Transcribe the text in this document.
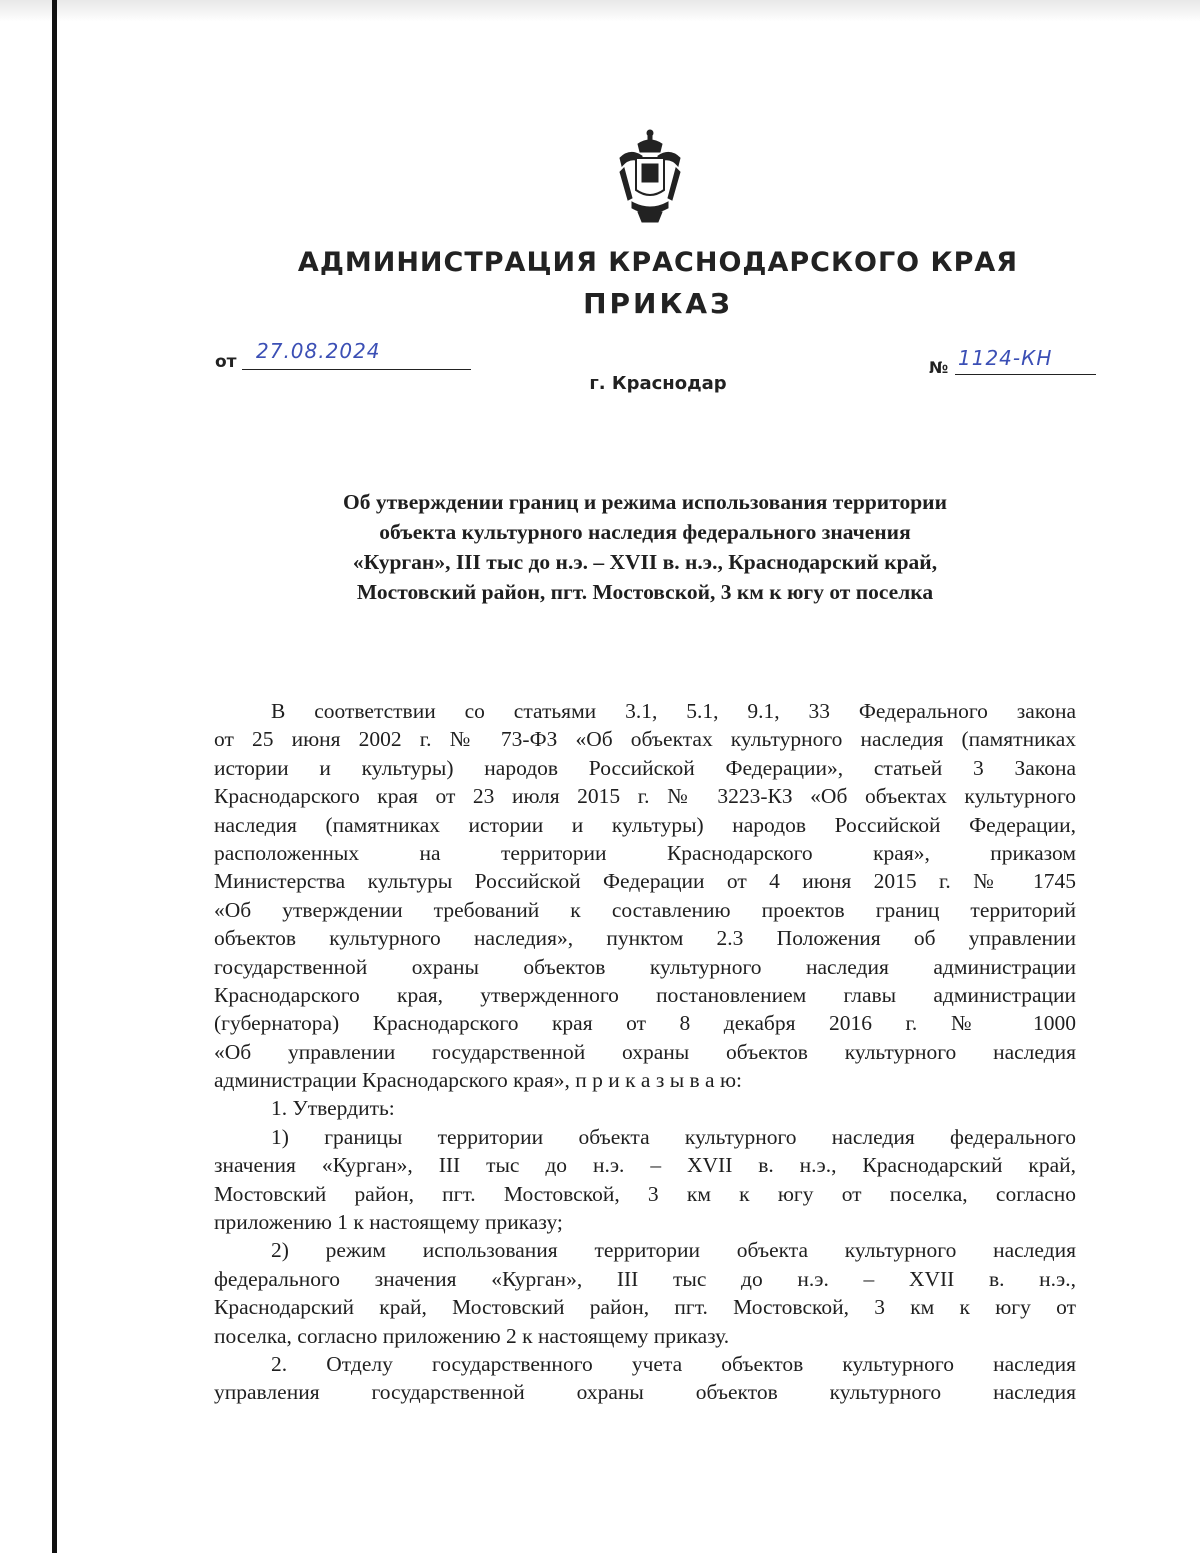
АДМИНИСТРАЦИЯ КРАСНОДАРСКОГО КРАЯ
ПРИКАЗ
от 27.08.2024
г. Краснодар
№ 1124-КН
Об утверждении границ и режима использования территории
объекта культурного наследия федерального значения
«Курган», III тыс до н.э. – XVII в. н.э., Краснодарский край,
Мостовский район, пгт. Мостовской, 3 км к югу от поселка
В соответствии со статьями 3.1, 5.1, 9.1, 33 Федерального закона
от 25 июня 2002 г. № 73-ФЗ «Об объектах культурного наследия (памятниках
истории и культуры) народов Российской Федерации», статьей 3 Закона
Краснодарского края от 23 июля 2015 г. № 3223-КЗ «Об объектах культурного
наследия (памятниках истории и культуры) народов Российской Федерации,
расположенных на территории Краснодарского края», приказом
Министерства культуры Российской Федерации от 4 июня 2015 г. № 1745
«Об утверждении требований к составлению проектов границ территорий
объектов культурного наследия», пунктом 2.3 Положения об управлении
государственной охраны объектов культурного наследия администрации
Краснодарского края, утвержденного постановлением главы администрации
(губернатора) Краснодарского края от 8 декабря 2016 г. № 1000
«Об управлении государственной охраны объектов культурного наследия
администрации Краснодарского края», п р и к а з ы в а ю:
1. Утвердить:
1) границы территории объекта культурного наследия федерального
значения «Курган», III тыс до н.э. – XVII в. н.э., Краснодарский край,
Мостовский район, пгт. Мостовской, 3 км к югу от поселка, согласно
приложению 1 к настоящему приказу;
2) режим использования территории объекта культурного наследия
федерального значения «Курган», III тыс до н.э. – XVII в. н.э.,
Краснодарский край, Мостовский район, пгт. Мостовской, 3 км к югу от
поселка, согласно приложению 2 к настоящему приказу.
2. Отделу государственного учета объектов культурного наследия
управления государственной охраны объектов культурного наследия
